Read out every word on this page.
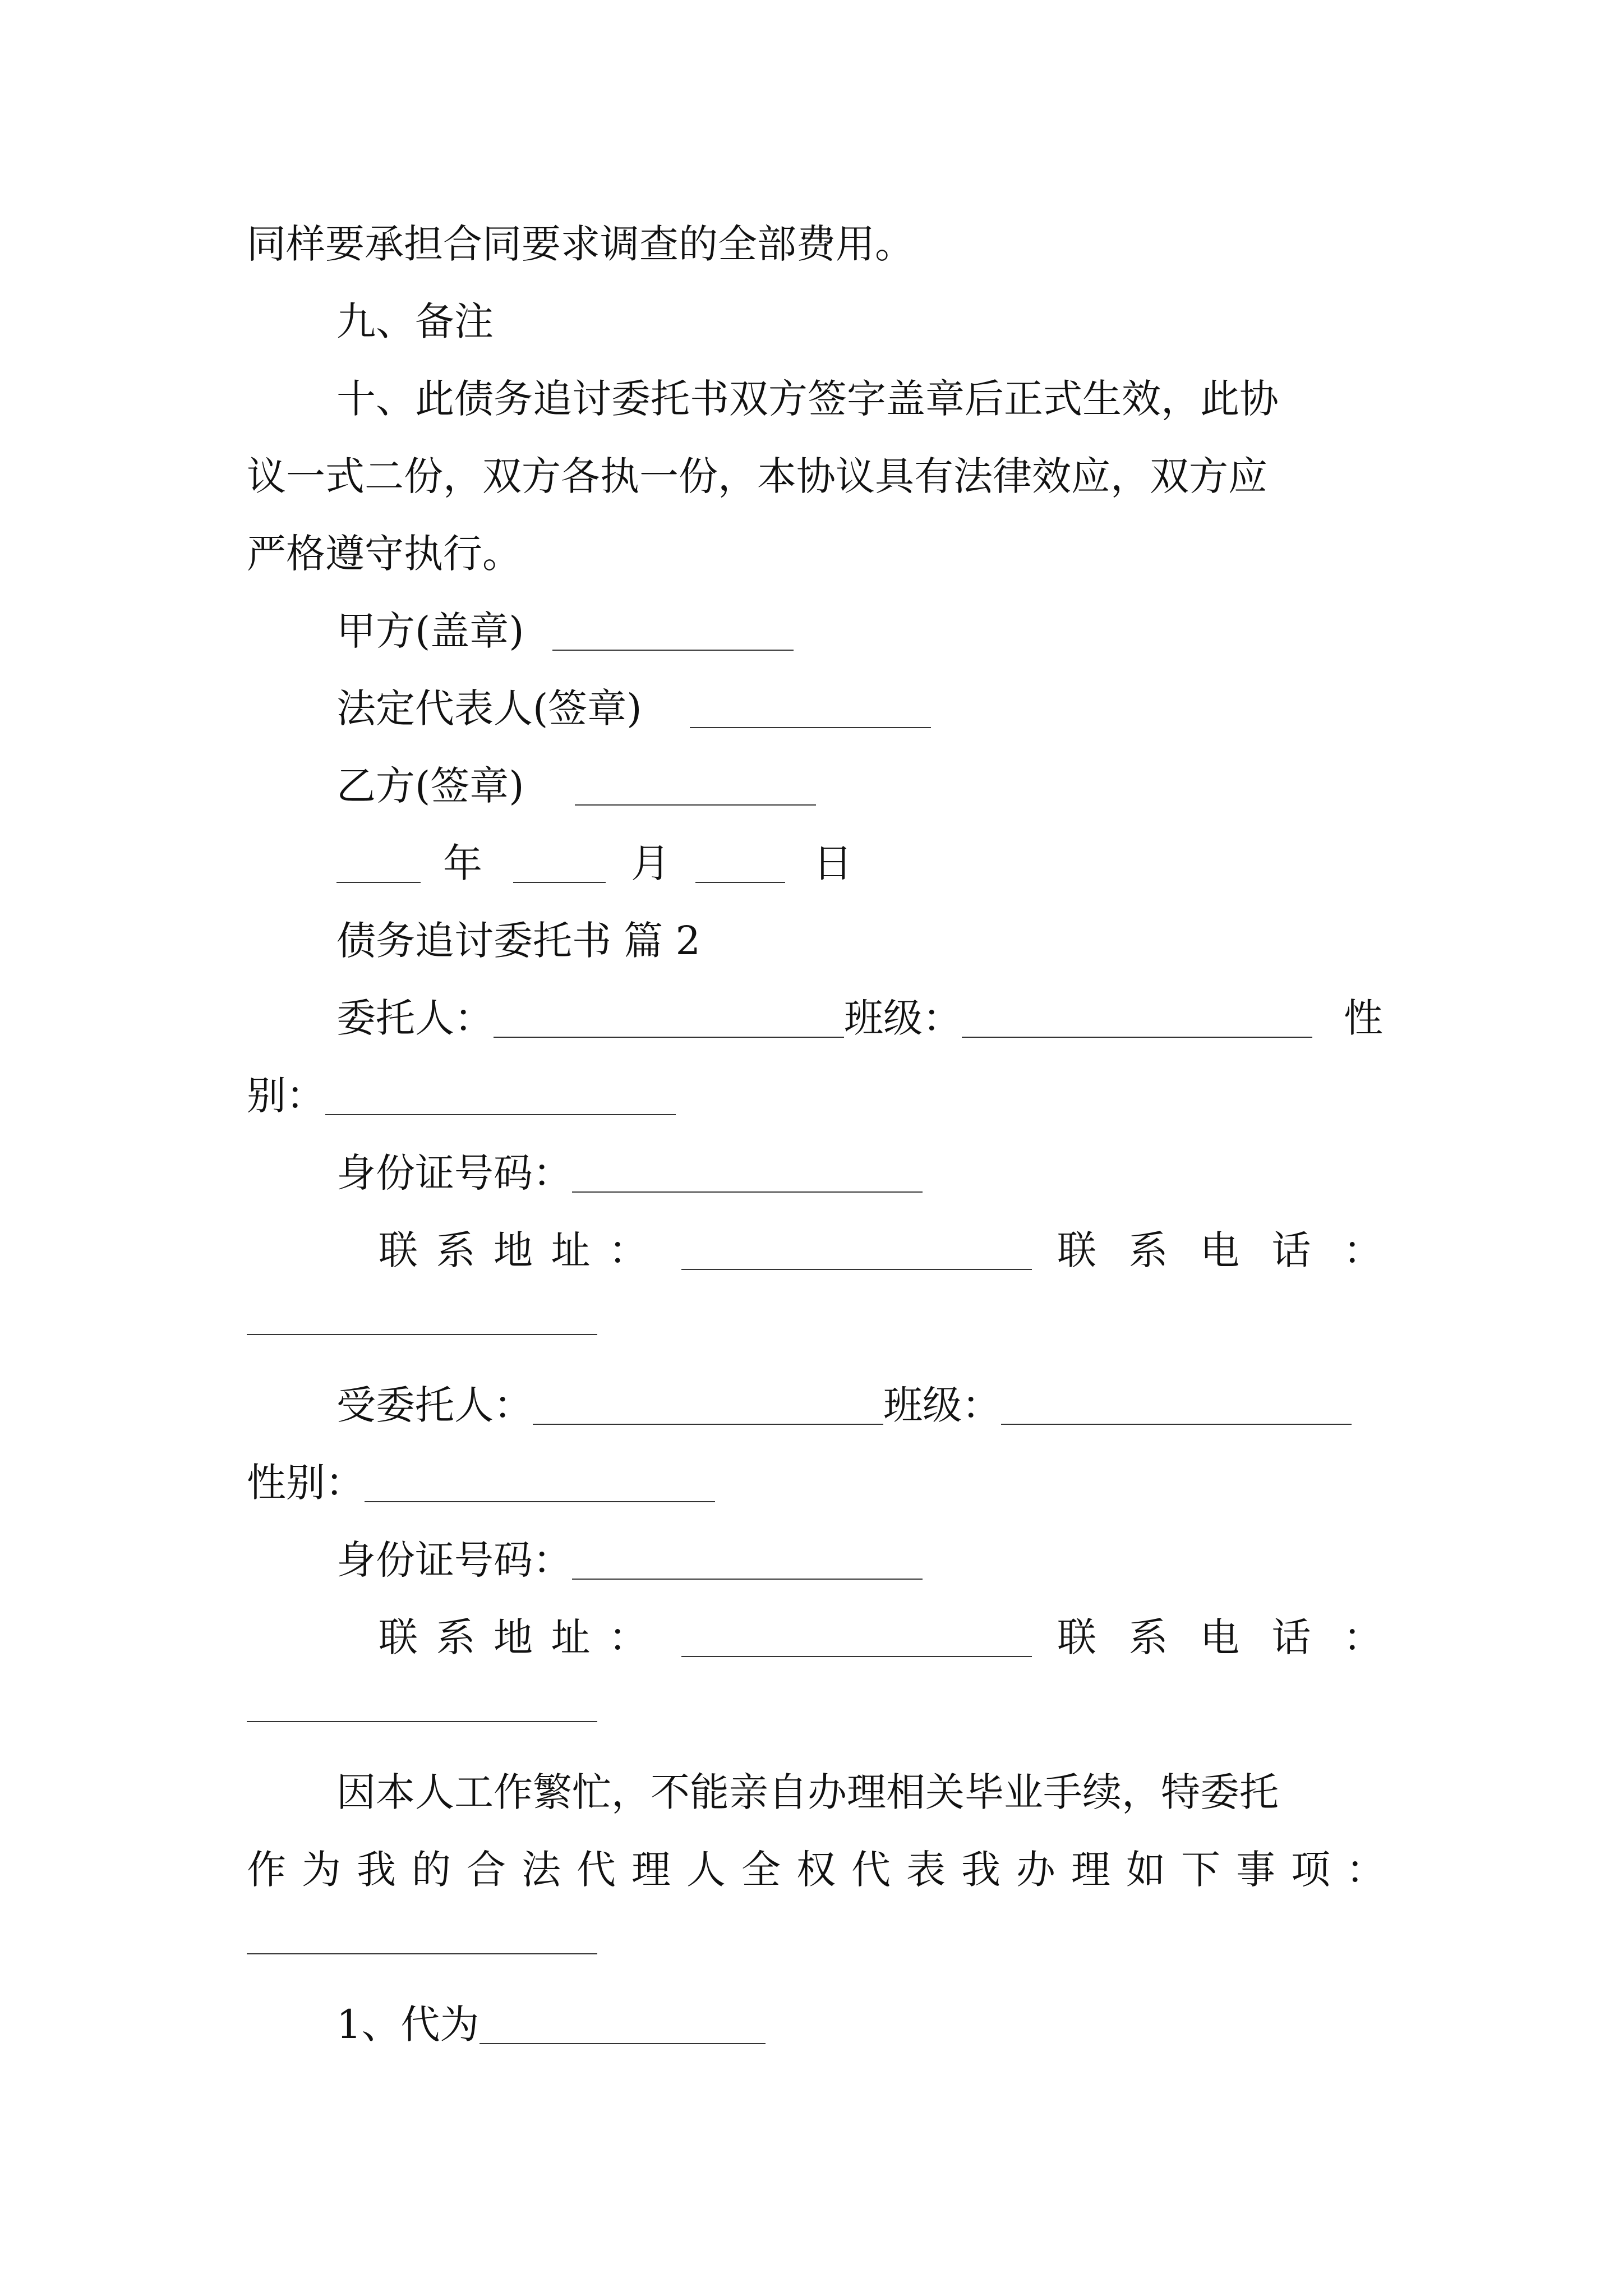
同样要承担合同要求调查的全部费用。
九、备注
十、此债务追讨委托书双方签字盖章后正式生效，此协
议一式二份，双方各执一份，本协议具有法律效应，双方应
严格遵守执行。
甲方(盖章)
法定代表人(签章)
乙方(签章)
年	月	日
债务追讨委托书 篇 2
委托人：	班级：	性
别：
身份证号码：
联 系 地 址 ：	联 系 电 话 ：
受委托人：	班级：
性别：
身份证号码：
联 系 地 址 ：	联 系 电 话 ：
因本人工作繁忙，不能亲自办理相关毕业手续，特委托
作 为 我 的 合 法 代 理 人 全 权 代 表 我 办 理 如 下 事 项 ：
1、代为
